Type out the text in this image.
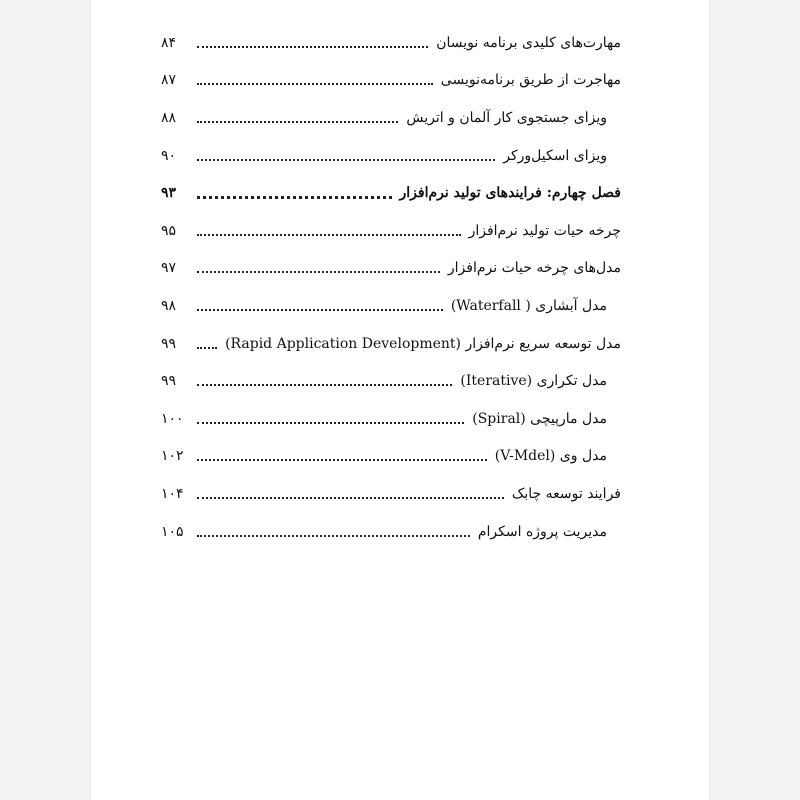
مهارت‌های کلیدی برنامه نویسان
۸۴
مهاجرت از طریق برنامه‌نویسی
۸۷
ویزای جستجوی کار آلمان و اتریش
۸۸
ویزای اسکیل‌ورکر
۹۰
فصل چهارم: فرایندهای تولید نرم‌افزار
۹۳
چرخه حیات تولید نرم‌افزار
۹۵
مدل‌های چرخه حیات نرم‌افزار
۹۷
مدل آبشاری ( Waterfall)
۹۸
مدل توسعه سریع نرم‌افزار (Rapid Application Development)
۹۹
مدل تکراری (Iterative)
۹۹
مدل مارپیچی (Spiral)
۱۰۰
مدل وی (V-Mdel)
۱۰۲
فرایند توسعه چابک
۱۰۴
مدیریت پروژه اسکرام
۱۰۵
